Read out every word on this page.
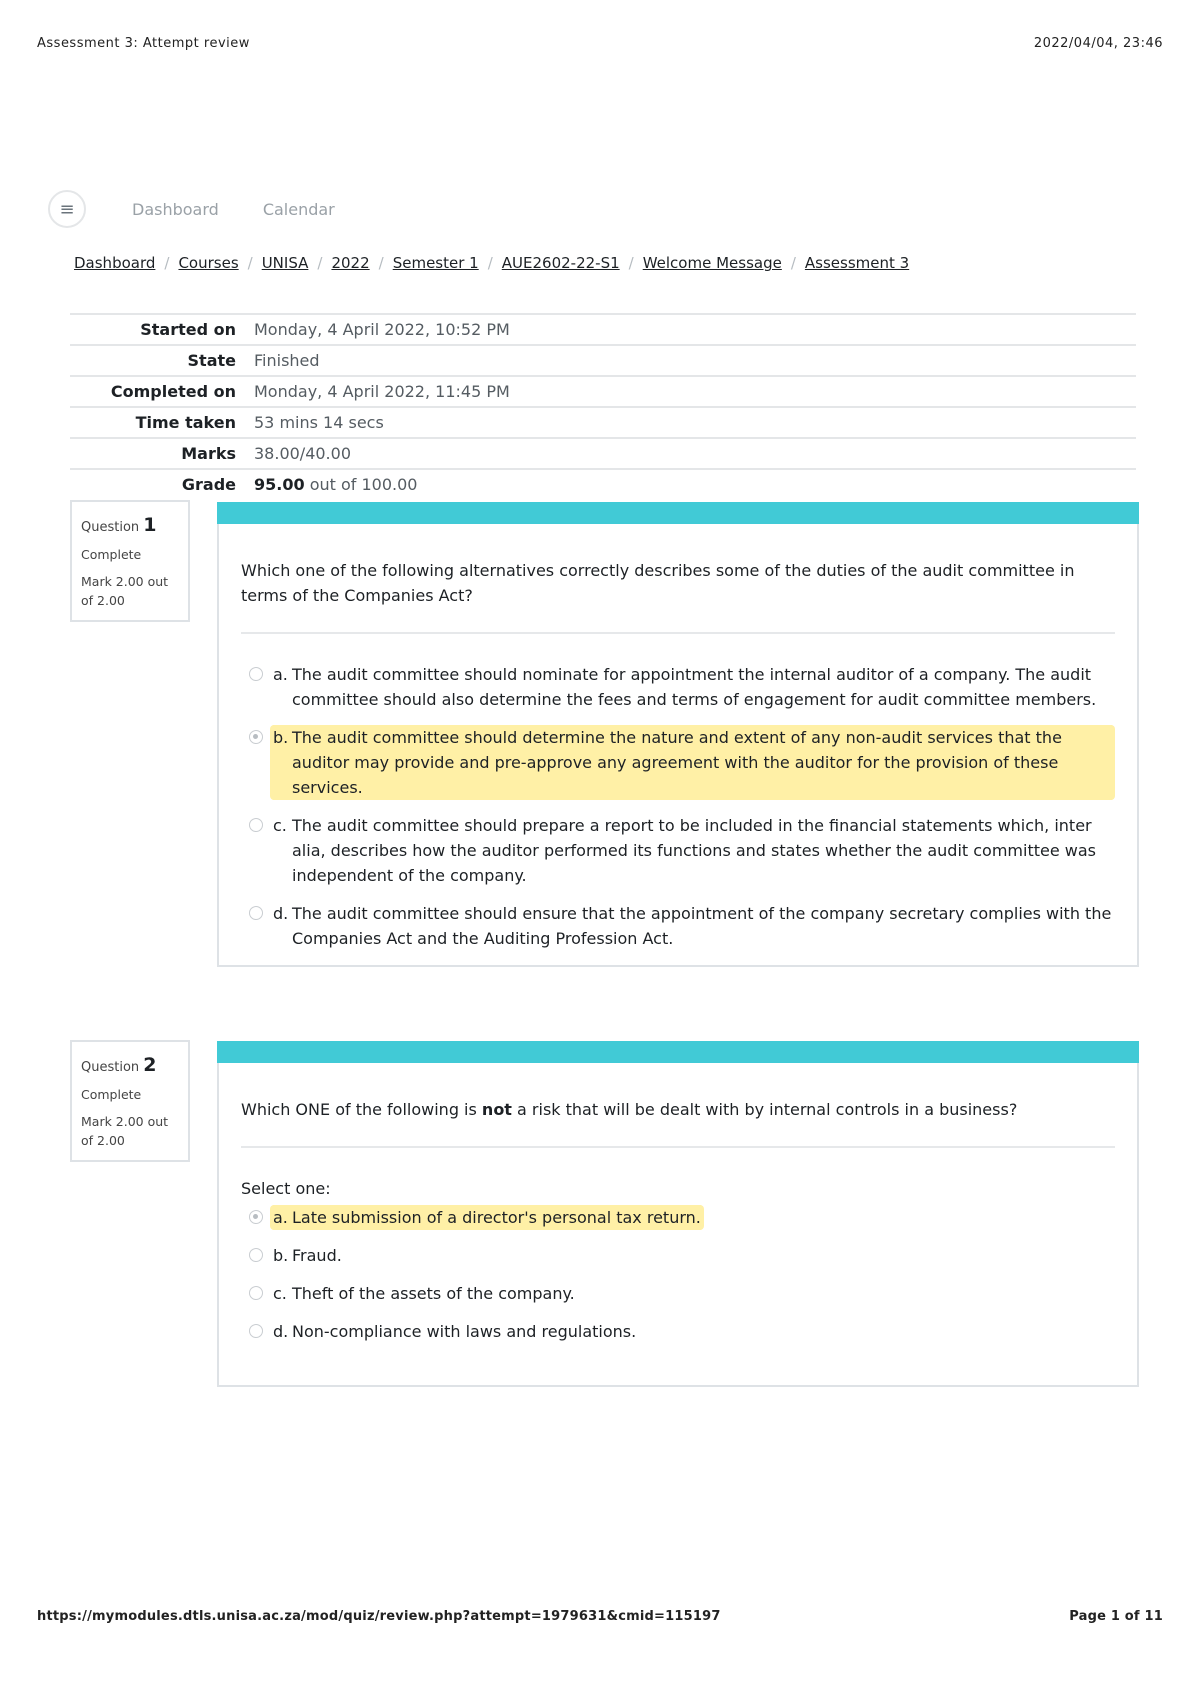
Assessment 3: Attempt review	2022/04/04, 23:46
≡	Dashboard	Calendar
Dashboard / Courses / UNISA / 2022 / Semester 1 / AUE2602-22-S1 / Welcome Message / Assessment 3
Started on	Monday, 4 April 2022, 10:52 PM
State	Finished
Completed on	Monday, 4 April 2022, 11:45 PM
Time taken	53 mins 14 secs
Marks	38.00/40.00
Grade	95.00 out of 100.00
Question 1
Complete
Mark 2.00 out of 2.00
Which one of the following alternatives correctly describes some of the duties of the audit committee in terms of the Companies Act?
a. The audit committee should nominate for appointment the internal auditor of a company. The audit committee should also determine the fees and terms of engagement for audit committee members.
b. The audit committee should determine the nature and extent of any non-audit services that the auditor may provide and pre-approve any agreement with the auditor for the provision of these services.
c. The audit committee should prepare a report to be included in the financial statements which, inter alia, describes how the auditor performed its functions and states whether the audit committee was independent of the company.
d. The audit committee should ensure that the appointment of the company secretary complies with the Companies Act and the Auditing Profession Act.
Question 2
Complete
Mark 2.00 out of 2.00
Which ONE of the following is not a risk that will be dealt with by internal controls in a business?
Select one:
a. Late submission of a director's personal tax return.
b. Fraud.
c. Theft of the assets of the company.
d. Non-compliance with laws and regulations.
https://mymodules.dtls.unisa.ac.za/mod/quiz/review.php?attempt=1979631&cmid=115197	Page 1 of 11
